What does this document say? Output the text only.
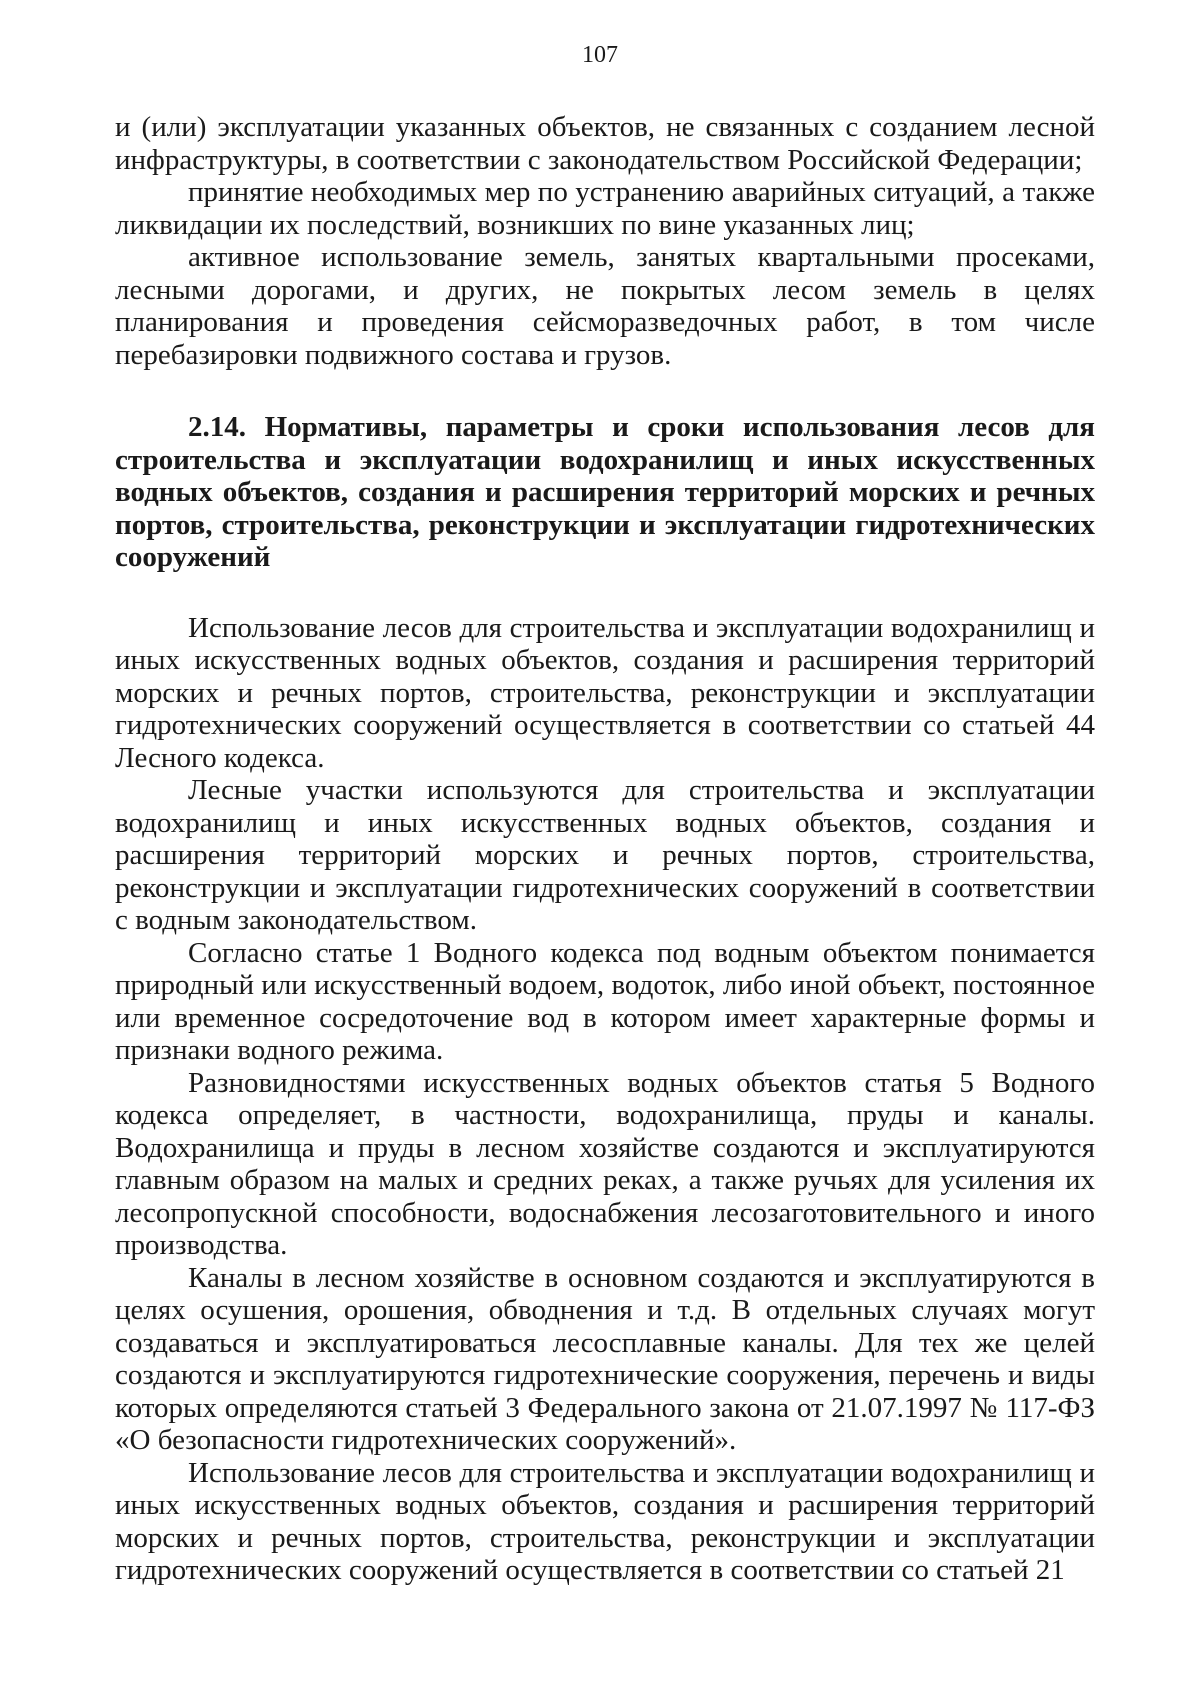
107

и (или) эксплуатации указанных объектов, не связанных с созданием лесной инфраструктуры, в соответствии с законодательством Российской Федерации;

принятие необходимых мер по устранению аварийных ситуаций, а также ликвидации их последствий, возникших по вине указанных лиц;

активное использование земель, занятых квартальными просеками, лесными дорогами, и других, не покрытых лесом земель в целях планирования и проведения сейсморазведочных работ, в том числе перебазировки подвижного состава и грузов.

2.14. Нормативы, параметры и сроки использования лесов для строительства и эксплуатации водохранилищ и иных искусственных водных объектов, создания и расширения территорий морских и речных портов, строительства, реконструкции и эксплуатации гидротехнических сооружений

Использование лесов для строительства и эксплуатации водохранилищ и иных искусственных водных объектов, создания и расширения территорий морских и речных портов, строительства, реконструкции и эксплуатации гидротехнических сооружений осуществляется в соответствии со статьей 44 Лесного кодекса.

Лесные участки используются для строительства и эксплуатации водохранилищ и иных искусственных водных объектов, создания и расширения территорий морских и речных портов, строительства, реконструкции и эксплуатации гидротехнических сооружений в соответствии с водным законодательством.

Согласно статье 1 Водного кодекса под водным объектом понимается природный или искусственный водоем, водоток, либо иной объект, постоянное или временное сосредоточение вод в котором имеет характерные формы и признаки водного режима.

Разновидностями искусственных водных объектов статья 5 Водного кодекса определяет, в частности, водохранилища, пруды и каналы. Водохранилища и пруды в лесном хозяйстве создаются и эксплуатируются главным образом на малых и средних реках, а также ручьях для усиления их лесопропускной способности, водоснабжения лесозаготовительного и иного производства.

Каналы в лесном хозяйстве в основном создаются и эксплуатируются в целях осушения, орошения, обводнения и т.д. В отдельных случаях могут создаваться и эксплуатироваться лесосплавные каналы. Для тех же целей создаются и эксплуатируются гидротехнические сооружения, перечень и виды которых определяются статьей 3 Федерального закона от 21.07.1997 № 117-ФЗ «О безопасности гидротехнических сооружений».

Использование лесов для строительства и эксплуатации водохранилищ и иных искусственных водных объектов, создания и расширения территорий морских и речных портов, строительства, реконструкции и эксплуатации гидротехнических сооружений осуществляется в соответствии со статьей 21
